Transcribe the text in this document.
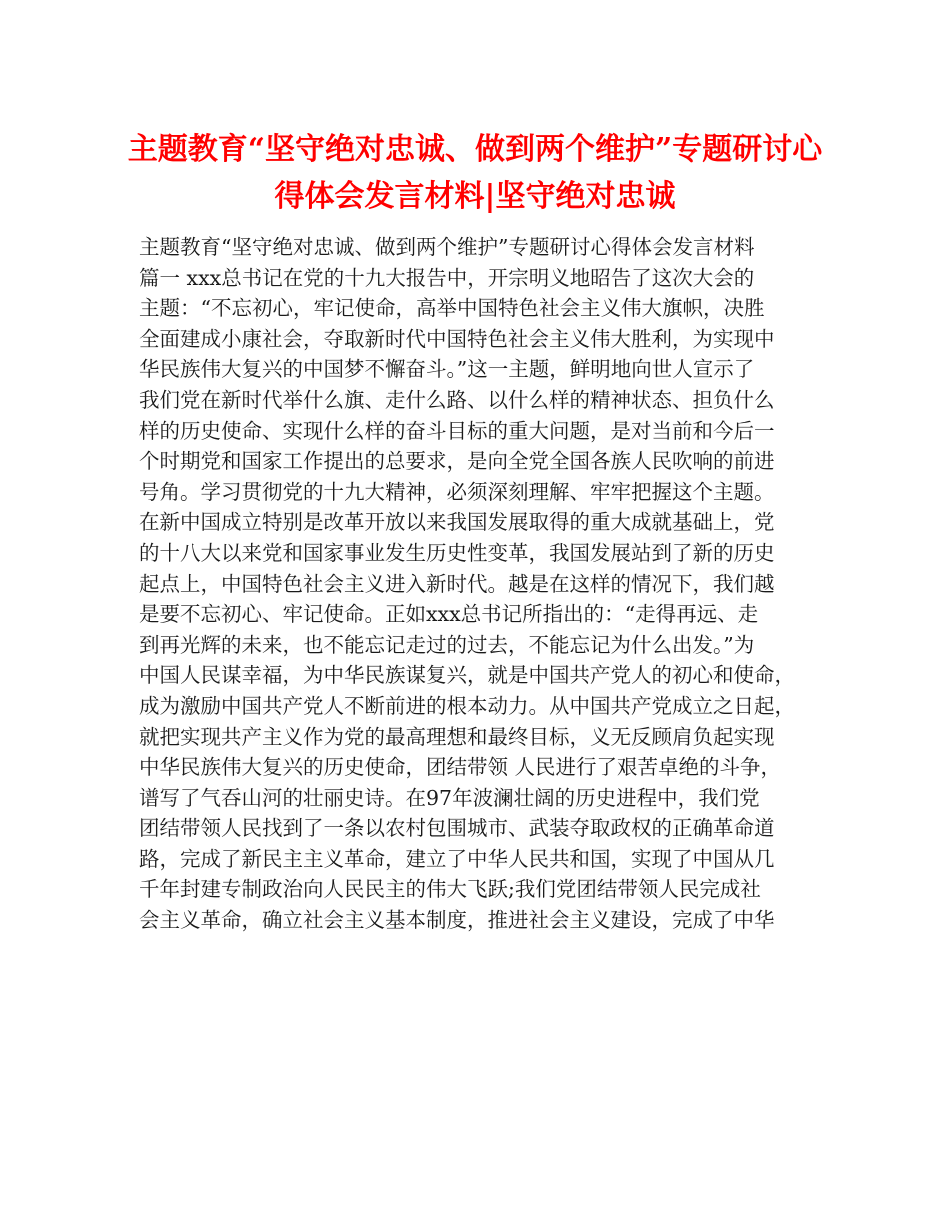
主题教育“坚守绝对忠诚、做到两个维护”专题研讨心
得体会发言材料|坚守绝对忠诚
主题教育“坚守绝对忠诚、做到两个维护”专题研讨心得体会发言材料
篇一 xxx总书记在党的十九大报告中，开宗明义地昭告了这次大会的
主题：“不忘初心，牢记使命，高举中国特色社会主义伟大旗帜，决胜
全面建成小康社会，夺取新时代中国特色社会主义伟大胜利，为实现中
华民族伟大复兴的中国梦不懈奋斗。”这一主题，鲜明地向世人宣示了
我们党在新时代举什么旗、走什么路、以什么样的精神状态、担负什么
样的历史使命、实现什么样的奋斗目标的重大问题，是对当前和今后一
个时期党和国家工作提出的总要求，是向全党全国各族人民吹响的前进
号角。学习贯彻党的十九大精神，必须深刻理解、牢牢把握这个主题。
在新中国成立特别是改革开放以来我国发展取得的重大成就基础上，党
的十八大以来党和国家事业发生历史性变革，我国发展站到了新的历史
起点上，中国特色社会主义进入新时代。越是在这样的情况下，我们越
是要不忘初心、牢记使命。正如xxx总书记所指出的：“走得再远、走
到再光辉的未来，也不能忘记走过的过去，不能忘记为什么出发。”为
中国人民谋幸福，为中华民族谋复兴，就是中国共产党人的初心和使命，
成为激励中国共产党人不断前进的根本动力。从中国共产党成立之日起，
就把实现共产主义作为党的最高理想和最终目标，义无反顾肩负起实现
中华民族伟大复兴的历史使命，团结带领 人民进行了艰苦卓绝的斗争，
谱写了气吞山河的壮丽史诗。在97年波澜壮阔的历史进程中，我们党
团结带领人民找到了一条以农村包围城市、武装夺取政权的正确革命道
路，完成了新民主主义革命，建立了中华人民共和国，实现了中国从几
千年封建专制政治向人民民主的伟大飞跃;我们党团结带领人民完成社
会主义革命，确立社会主义基本制度，推进社会主义建设，完成了中华
